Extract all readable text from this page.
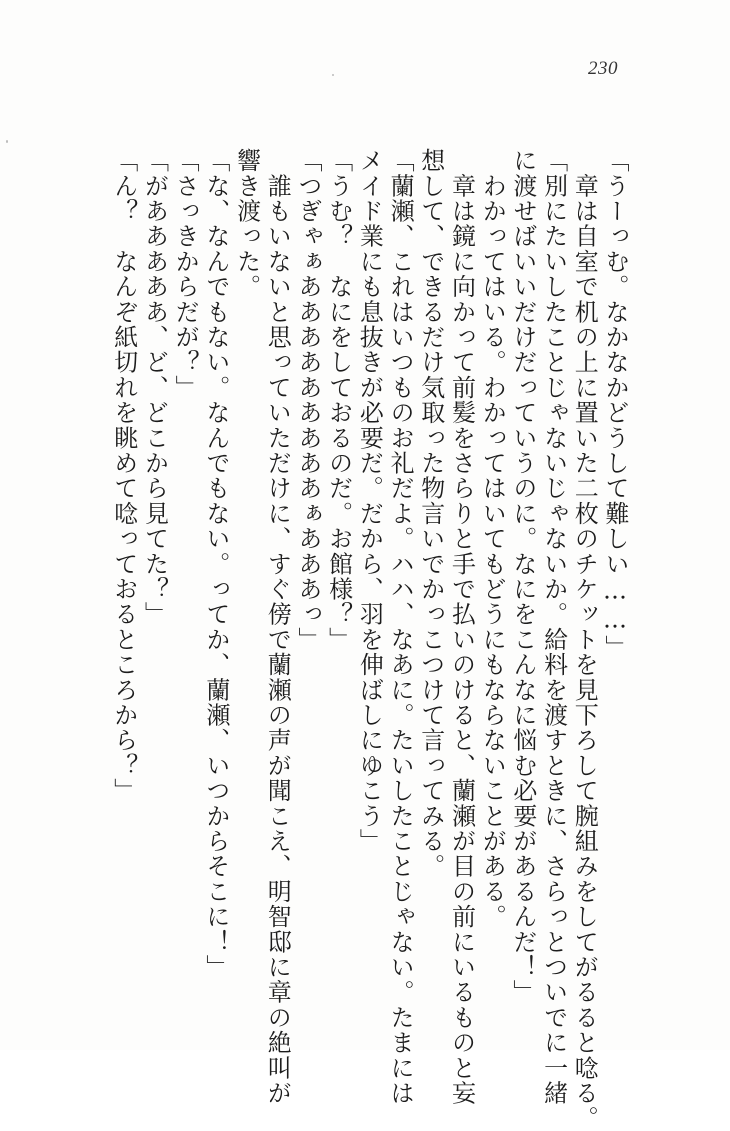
230
「うーっむ。なかなかどうして難しい……」
　章は自室で机の上に置いた二枚のチケットを見下ろして腕組みをしてがるると唸る。
「別にたいしたことじゃないじゃないか。給料を渡すときに、さらっとついでに一緒
に渡せばいいだけだっていうのに。なにをこんなに悩む必要があるんだ！」
　わかってはいる。わかってはいてもどうにもならないことがある。
　章は鏡に向かって前髪をさらりと手で払いのけると、蘭瀬が目の前にいるものと妄
想して、できるだけ気取った物言いでかっこつけて言ってみる。
「蘭瀬、これはいつものお礼だよ。ハハ、なあに。たいしたことじゃない。たまには
メイド業にも息抜きが必要だ。だから、羽を伸ばしにゆこう」
「うむ？　なにをしておるのだ。お館様？」
「つぎゃぁあああああああああぁあああっ」
　誰もいないと思っていただけに、すぐ傍で蘭瀬の声が聞こえ、明智邸に章の絶叫が
響き渡った。
「な、なんでもない。なんでもない。ってか、蘭瀬、いつからそこに！」
「さっきからだが？」
「があああああ、ど、どこから見てた？」
「ん？　なんぞ紙切れを眺めて唸っておるところから？」
